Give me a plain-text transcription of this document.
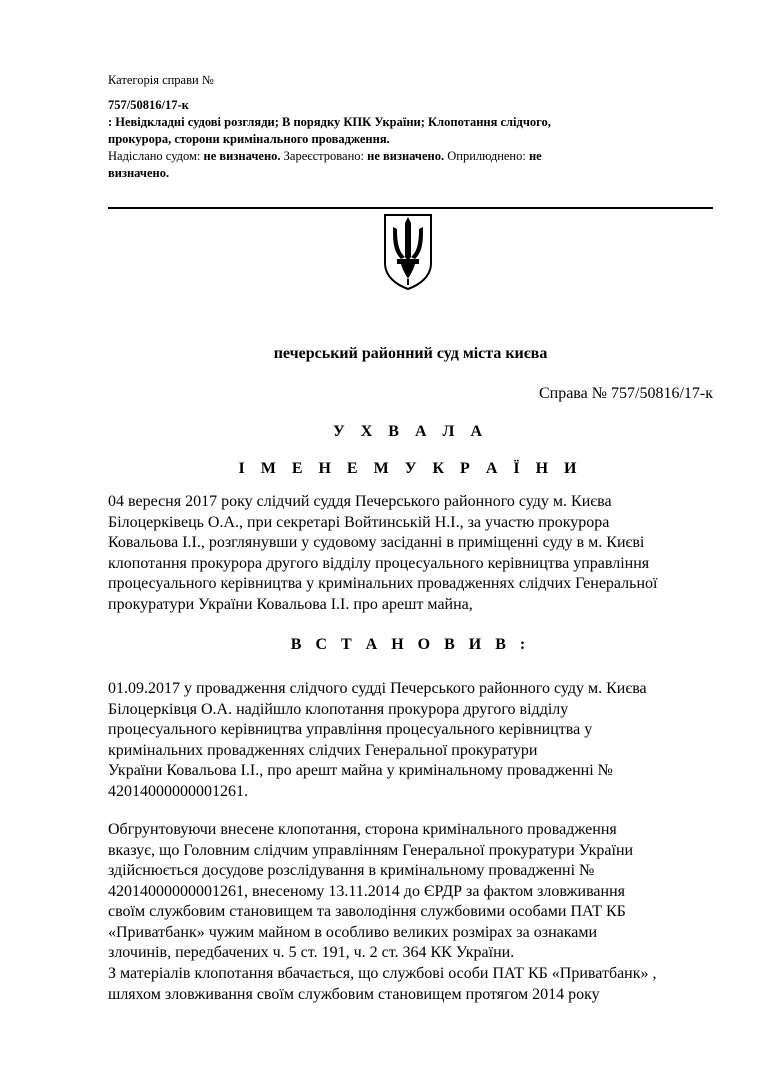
Категорія справи №
757/50816/17-к
: Невідкладні судові розгляди; В порядку КПК України; Клопотання слідчого,
прокурора, сторони кримінального провадження.
Надіслано судом: не визначено. Зареєстровано: не визначено. Оприлюднено: не
визначено.
печерський районний суд міста києва
Справа № 757/50816/17-к
У Х В А Л А
І М Е Н Е М У К Р А Ї Н И
04 вересня 2017 року слідчий суддя Печерського районного суду м. Києва
Білоцерківець О.А., при секретарі Войтинській Н.І., за участю прокурора
Ковальова І.І., розглянувши у судовому засіданні в приміщенні суду в м. Києві
клопотання прокурора другого відділу процесуального керівництва управління
процесуального керівництва у кримінальних провадженнях слідчих Генеральної
прокуратури України Ковальова І.І. про арешт майна,
В С Т А Н О В И В :
01.09.2017 у провадження слідчого судді Печерського районного суду м. Києва
Білоцерківця О.А. надійшло клопотання прокурора другого відділу
процесуального керівництва управління процесуального керівництва у
кримінальних провадженнях слідчих Генеральної прокуратури
України Ковальова І.І., про арешт майна у кримінальному провадженні №
42014000000001261.
Обгрунтовуючи внесене клопотання, сторона кримінального провадження
вказує, що Головним слідчим управлінням Генеральної прокуратури України
здійснюється досудове розслідування в кримінальному провадженні №
42014000000001261, внесеному 13.11.2014 до ЄРДР за фактом зловживання
своїм службовим становищем та заволодіння службовими особами ПАТ КБ
«Приватбанк» чужим майном в особливо великих розмірах за ознаками
злочинів, передбачених ч. 5 ст. 191, ч. 2 ст. 364 КК України.
З матеріалів клопотання вбачається, що службові особи ПАТ КБ «Приватбанк» ,
шляхом зловживання своїм службовим становищем протягом 2014 року
